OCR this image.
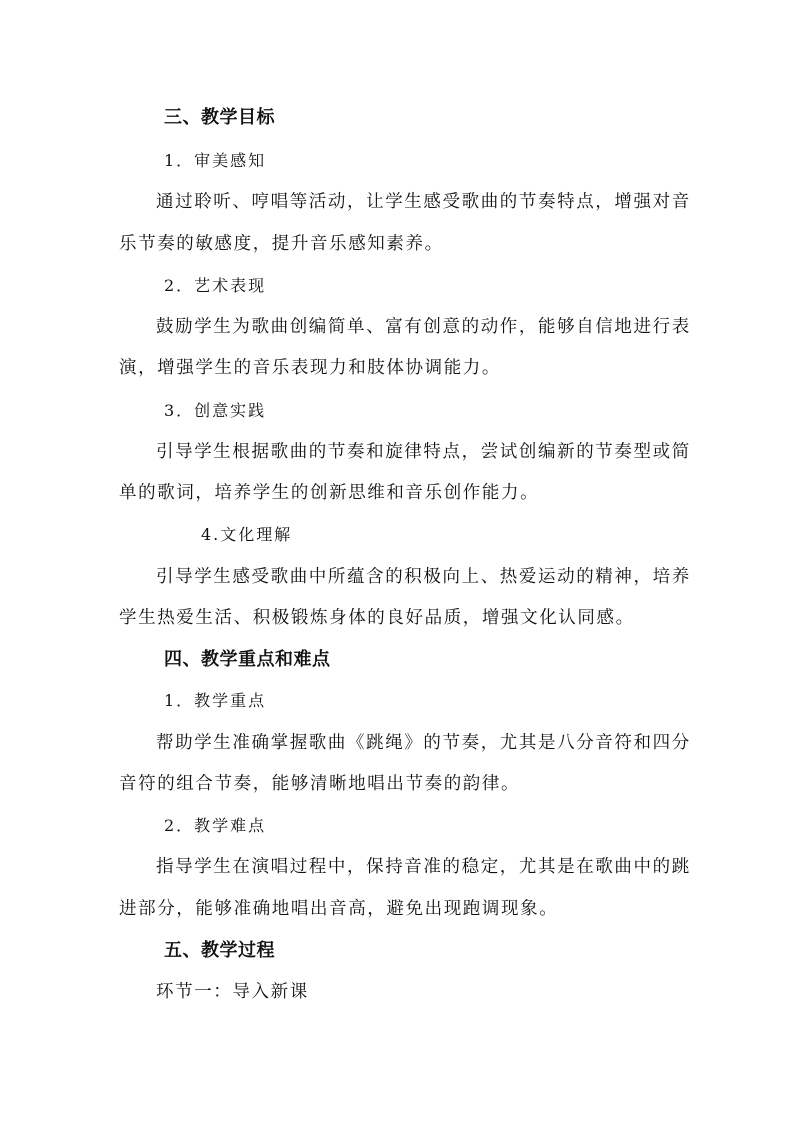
三、教学目标
1．审美感知
通过聆听、哼唱等活动，让学生感受歌曲的节奏特点，增强对音
乐节奏的敏感度，提升音乐感知素养。
2．艺术表现
鼓励学生为歌曲创编简单、富有创意的动作，能够自信地进行表
演，增强学生的音乐表现力和肢体协调能力。
3．创意实践
引导学生根据歌曲的节奏和旋律特点，尝试创编新的节奏型或简
单的歌词，培养学生的创新思维和音乐创作能力。
4.文化理解
引导学生感受歌曲中所蕴含的积极向上、热爱运动的精神，培养
学生热爱生活、积极锻炼身体的良好品质，增强文化认同感。
四、教学重点和难点
1．教学重点
帮助学生准确掌握歌曲《跳绳》的节奏，尤其是八分音符和四分
音符的组合节奏，能够清晰地唱出节奏的韵律。
2．教学难点
指导学生在演唱过程中，保持音准的稳定，尤其是在歌曲中的跳
进部分，能够准确地唱出音高，避免出现跑调现象。
五、教学过程
环节一：导入新课
